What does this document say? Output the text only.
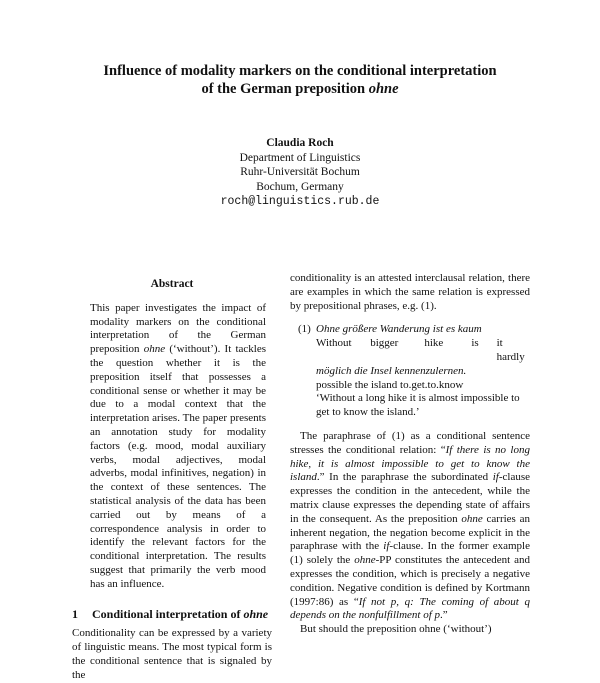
Influence of modality markers on the conditional interpretation
of the German preposition ohne
Claudia Roch
Department of Linguistics
Ruhr-Universität Bochum
Bochum, Germany
roch@linguistics.rub.de
Abstract
This paper investigates the impact of modality markers on the conditional interpretation of the German preposition ohne (‘without’). It tackles the question whether it is the preposition itself that possesses a conditional sense or whether it may be due to a modal context that the interpretation arises. The paper presents an annotation study for modality factors (e.g. mood, modal auxiliary verbs, modal adjectives, modal adverbs, modal infinitives, negation) in the context of these sentences. The statistical analysis of the data has been carried out by means of a correspondence analysis in order to identify the relevant factors for the conditional interpretation. The results suggest that primarily the verb mood has an influence.
1 Conditional interpretation of ohne
Conditionality can be expressed by a variety of linguistic means. The most typical form is the conditional sentence that is signaled by the
conditionality is an attested interclausal relation, there are examples in which the same relation is expressed by prepositional phrases, e.g. (1).
(1) Ohne größere Wanderung ist es kaum
Without	bigger	hike	is	it hardly
möglich die Insel kennenzulernen.
possible the island to.get.to.know
‘Without a long hike it is almost impossible to get to know the island.’
The paraphrase of (1) as a conditional sentence stresses the conditional relation: “If there is no long hike, it is almost impossible to get to know the island.” In the paraphrase the subordinated if-clause expresses the condition in the antecedent, while the matrix clause expresses the depending state of affairs in the consequent. As the preposition ohne carries an inherent negation, the negation become explicit in the paraphrase with the if-clause. In the former example (1) solely the ohne-PP constitutes the antecedent and expresses the condition, which is precisely a negative condition. Negative condition is defined by Kortmann (1997:86) as “If not p, q: The coming of about q depends on the nonfulfillment of p.”
But should the preposition ohne (‘without’)
